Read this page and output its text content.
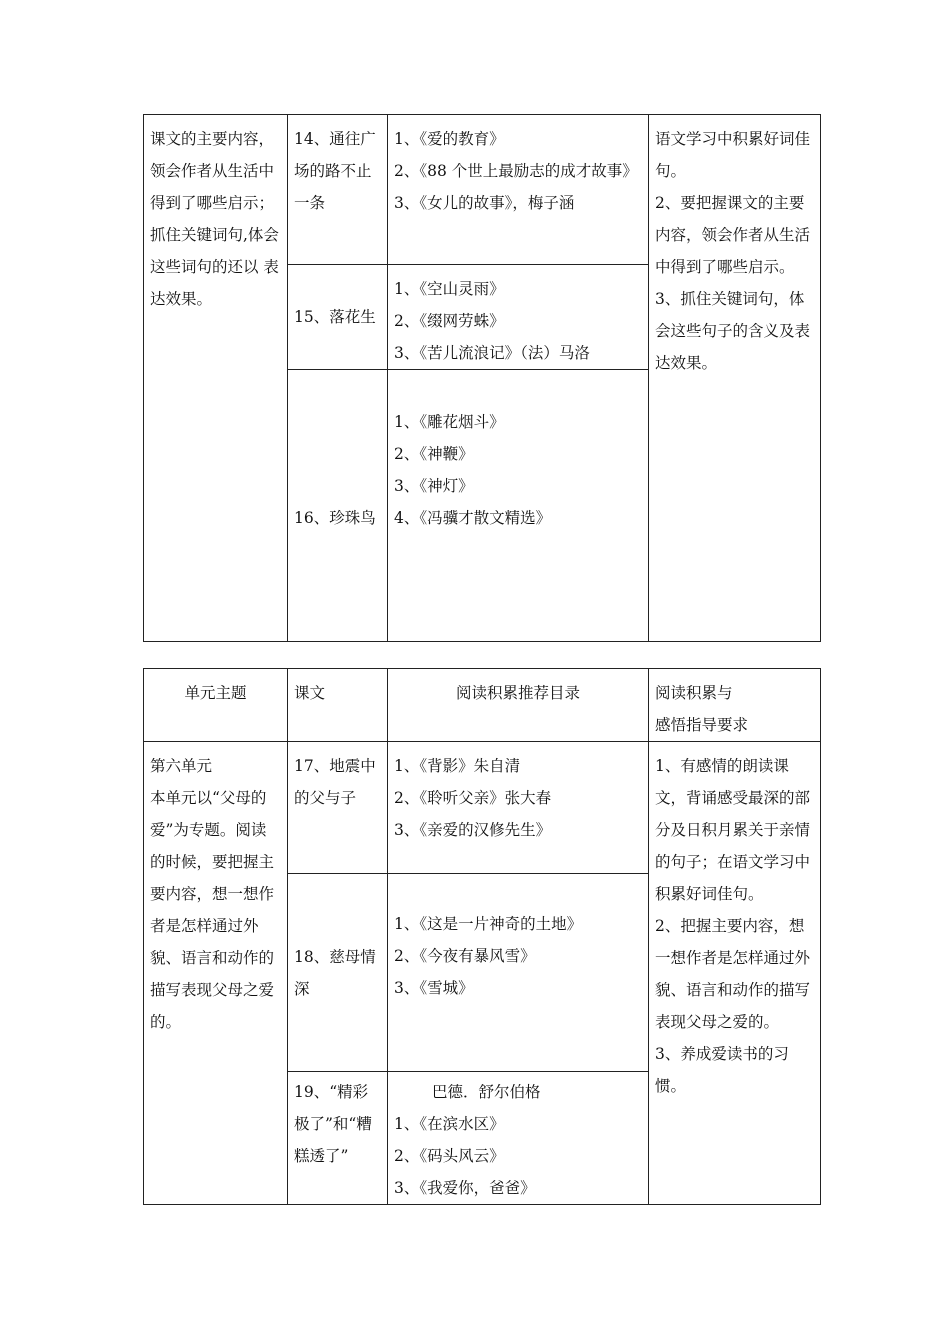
课文的主要内容，领会作者从生活中得到了哪些启示；抓住关键词句,体会这些词句的还以 表达效果。	14、通往广场的路不止一条	1、《爱的教育》
2、《88 个世上最励志的成才故事》
3、《女儿的故事》，梅子涵	语文学习中积累好词佳句。
2、要把握课文的主要内容，领会作者从生活中得到了哪些启示。
3、抓住关键词句，体会这些句子的含义及表达效果。

	15、落花生	1、《空山灵雨》
2、《缀网劳蛛》
3、《苦儿流浪记》（法）马洛	

	16、珍珠鸟	1、《雕花烟斗》
2、《神鞭》
3、《神灯》
4、《冯骥才散文精选》	
单元主题	课文	阅读积累推荐目录	阅读积累与
感悟指导要求

第六单元
本单元以“父母的爱”为专题。阅读的时候，要把握主要内容，想一想作者是怎样通过外貌、语言和动作的描写表现父母之爱的。	17、地震中的父与子	1、《背影》朱自清
2、《聆听父亲》张大春
3、《亲爱的汉修先生》	1、有感情的朗读课文，背诵感受最深的部分及日积月累关于亲情的句子；在语文学习中积累好词佳句。
2、把握主要内容，想一想作者是怎样通过外貌、语言和动作的描写表现父母之爱的。
3、养成爱读书的习惯。

	18、慈母情深	1、《这是一片神奇的土地》
2、《今夜有暴风雪》
3、《雪城》	

	19、“精彩极了”和“糟糕透了”	巴德．舒尔伯格
1、《在滨水区》
2、《码头风云》
3、《我爱你，爸爸》	
